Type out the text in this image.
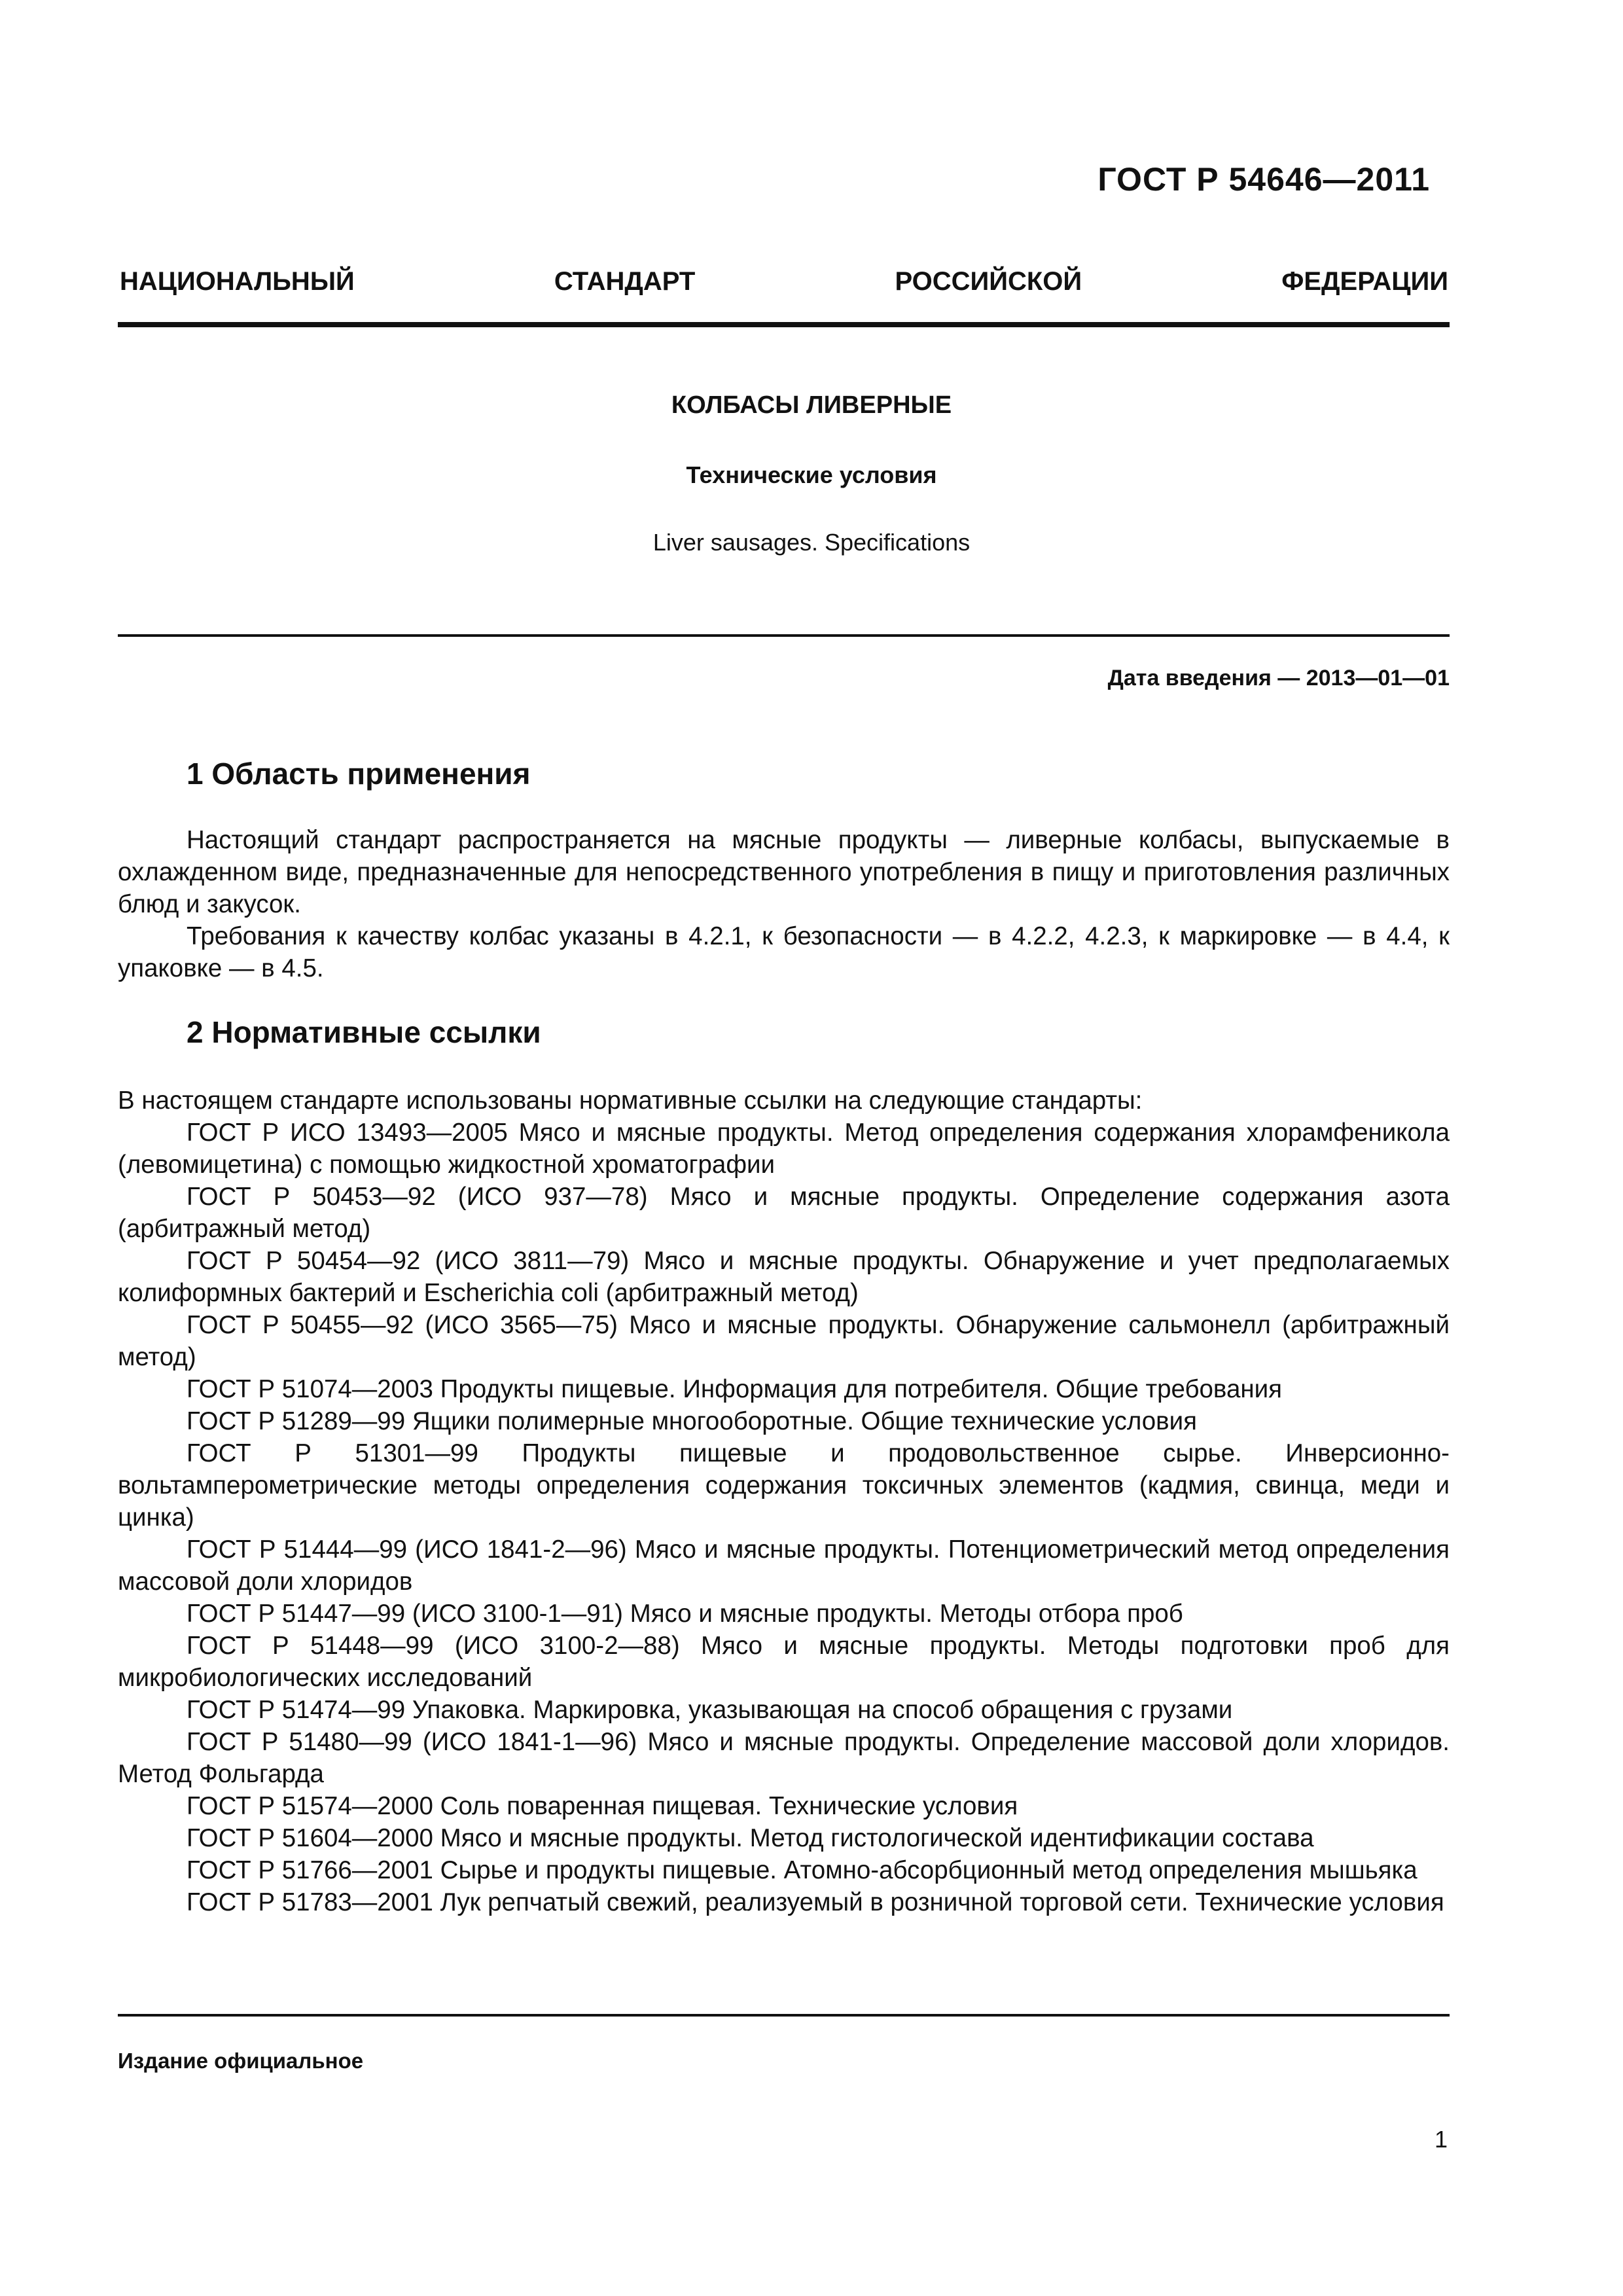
ГОСТ Р 54646—2011
НАЦИОНАЛЬНЫЙ СТАНДАРТ РОССИЙСКОЙ ФЕДЕРАЦИИ
КОЛБАСЫ ЛИВЕРНЫЕ
Технические условия
Liver sausages. Specifications
Дата введения — 2013—01—01
1 Область применения

Настоящий стандарт распространяется на мясные продукты — ливерные колбасы, выпускаемые в охлажденном виде, предназначенные для непосредственного употребления в пищу и приготовления различных блюд и закусок.

Требования к качеству колбас указаны в 4.2.1, к безопасности — в 4.2.2, 4.2.3, к маркировке — в 4.4, к упаковке — в 4.5.

2 Нормативные ссылки

В настоящем стандарте использованы нормативные ссылки на следующие стандарты:

ГОСТ Р ИСО 13493—2005 Мясо и мясные продукты. Метод определения содержания хлорамфеникола (левомицетина) с помощью жидкостной хроматографии

ГОСТ Р 50453—92 (ИСО 937—78) Мясо и мясные продукты. Определение содержания азота (арбитражный метод)

ГОСТ Р 50454—92 (ИСО 3811—79) Мясо и мясные продукты. Обнаружение и учет предполагаемых колиформных бактерий и Escherichia coli (арбитражный метод)

ГОСТ Р 50455—92 (ИСО 3565—75) Мясо и мясные продукты. Обнаружение сальмонелл (арбитражный метод)

ГОСТ Р 51074—2003 Продукты пищевые. Информация для потребителя. Общие требования

ГОСТ Р 51289—99 Ящики полимерные многооборотные. Общие технические условия

ГОСТ Р 51301—99 Продукты пищевые и продовольственное сырье. Инверсионно-вольтамперометрические методы определения содержания токсичных элементов (кадмия, свинца, меди и цинка)

ГОСТ Р 51444—99 (ИСО 1841-2—96) Мясо и мясные продукты. Потенциометрический метод определения массовой доли хлоридов

ГОСТ Р 51447—99 (ИСО 3100-1—91) Мясо и мясные продукты. Методы отбора проб

ГОСТ Р 51448—99 (ИСО 3100-2—88) Мясо и мясные продукты. Методы подготовки проб для микробиологических исследований

ГОСТ Р 51474—99 Упаковка. Маркировка, указывающая на способ обращения с грузами

ГОСТ Р 51480—99 (ИСО 1841-1—96) Мясо и мясные продукты. Определение массовой доли хлоридов. Метод Фольгарда

ГОСТ Р 51574—2000 Соль поваренная пищевая. Технические условия

ГОСТ Р 51604—2000 Мясо и мясные продукты. Метод гистологической идентификации состава

ГОСТ Р 51766—2001 Сырье и продукты пищевые. Атомно-абсорбционный метод определения мышьяка

ГОСТ Р 51783—2001 Лук репчатый свежий, реализуемый в розничной торговой сети. Технические условия

Издание официальное
1
